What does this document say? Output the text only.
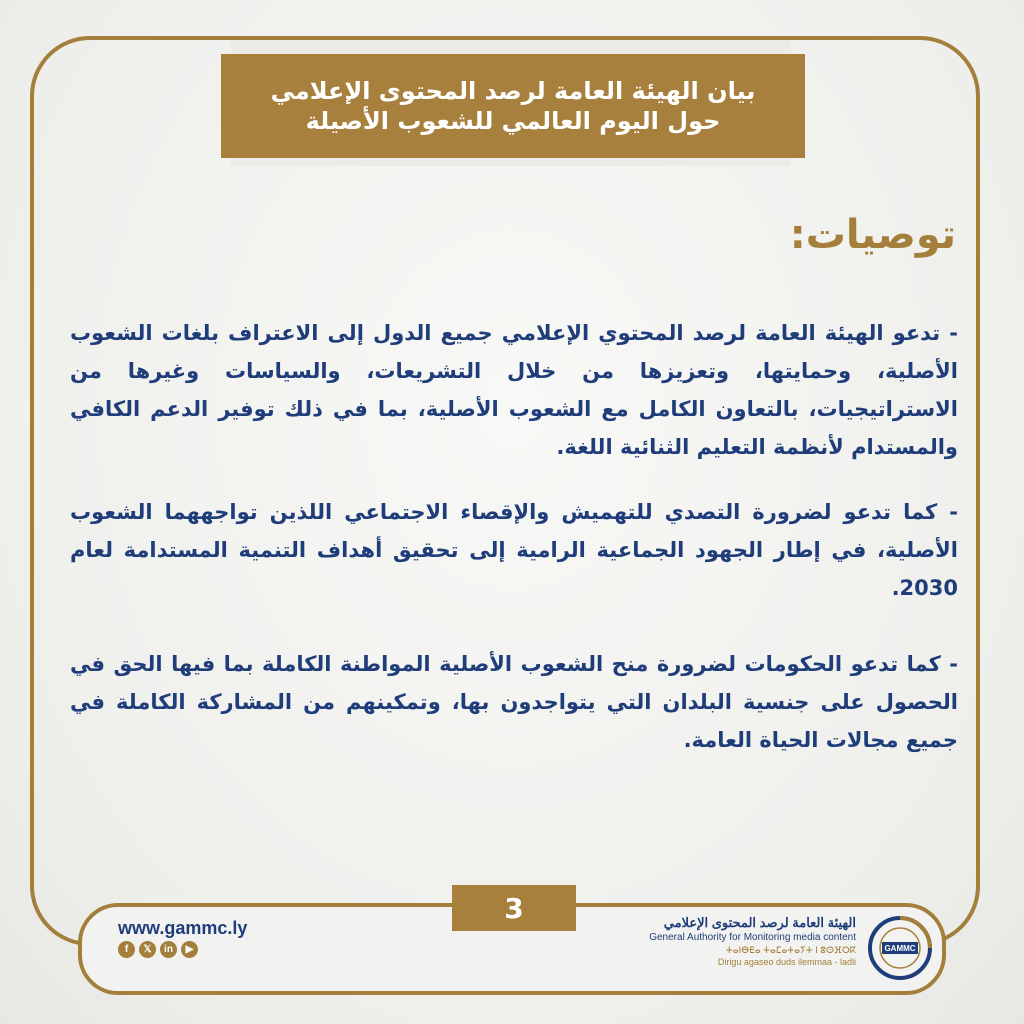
بيان الهيئة العامة لرصد المحتوى الإعلامي
حول اليوم العالمي للشعوب الأصيلة
توصيات:
- تدعو الهيئة العامة لرصد المحتوي الإعلامي جميع الدول إلى الاعتراف بلغات الشعوب الأصلية، وحمايتها، وتعزيزها من خلال التشريعات، والسياسات وغيرها من الاستراتيجيات، بالتعاون الكامل مع الشعوب الأصلية، بما في ذلك توفير الدعم الكافي والمستدام لأنظمة التعليم الثنائية اللغة.
- كما تدعو لضرورة التصدي للتهميش والإقصاء الاجتماعي اللذين تواجههما الشعوب الأصلية، في إطار الجهود الجماعية الرامية إلى تحقيق أهداف التنمية المستدامة لعام 2030.
- كما تدعو الحكومات لضرورة منح الشعوب الأصلية المواطنة الكاملة بما فيها الحق في الحصول على جنسية البلدان التي يتواجدون بها، وتمكينهم من المشاركة الكاملة في جميع مجالات الحياة العامة.
3
www.gammc.ly
f	𝕏	in	▶
الهيئة العامة لرصد المحتوى الإعلامي
General Authority for Monitoring media content
ⵜⴰⵏⴱⴹⴰ ⵜⴰⵎⴰⵜⴰⵢⵜ ⵏ ⵓⵙⴼⵔⴽ
Dirigu agaseo duds ilemmaa - ladli
GAMMC
